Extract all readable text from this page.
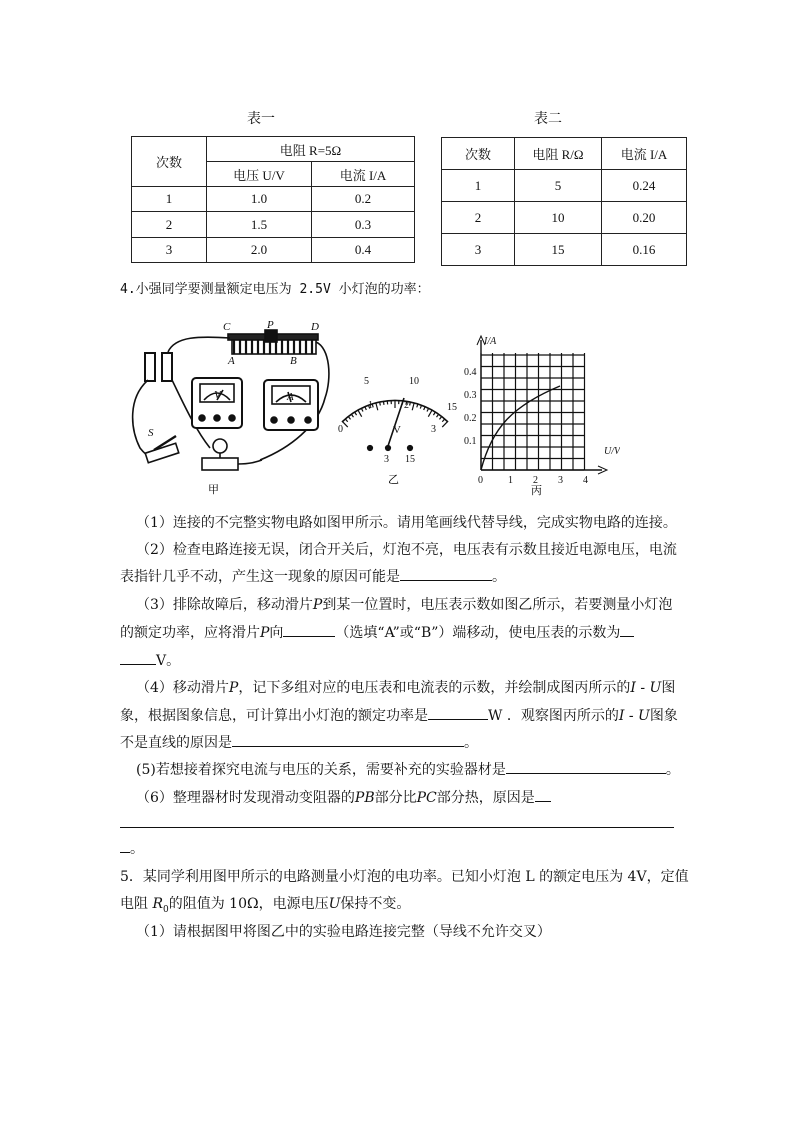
表一	表二
次数	电阻 R=5Ω	
	电压 U/V	电流 I/A
1	1.0	0.2
2	1.5	0.3
3	2.0	0.4
次数	电阻 R/Ω	电流 I/A
1	5	0.24
2	10	0.20
3	15	0.16
4.小强同学要测量额定电压为 2.5V 小灯泡的功率：
C	P	D
A	B
S
V	A
甲
0
5	10
15
1	2
3
V
3 15
乙
I/A
U/V
0.4
0.3
0.2
0.1
0	1 2 3 4
丙
（1）连接的不完整实物电路如图甲所示。请用笔画线代替导线，完成实物电路的连接。
（2）检查电路连接无误，闭合开关后，灯泡不亮，电压表有示数且接近电源电压，电流
表指针几乎不动，产生这一现象的原因可能是	。
（3）排除故障后，移动滑片P到某一位置时，电压表示数如图乙所示，若要测量小灯泡
的额定功率，应将滑片P向	（选填“A”或“B”）端移动，使电压表的示数为
V。
（4）移动滑片P，记下多组对应的电压表和电流表的示数，并绘制成图丙所示的I - U图
象，根据图象信息，可计算出小灯泡的额定功率是	W ．观察图丙所示的I - U图象
不是直线的原因是	。
(5)若想接着探究电流与电压的关系，需要补充的实验器材是	。
（6）整理器材时发现滑动变阻器的PB部分比PC部分热，原因是
。
5．某同学利用图甲所示的电路测量小灯泡的电功率。已知小灯泡 L 的额定电压为 4V，定值
电阻 $R_0$的阻值为 10Ω，电源电压U保持不变。
（1）请根据图甲将图乙中的实验电路连接完整（导线不允许交叉）
